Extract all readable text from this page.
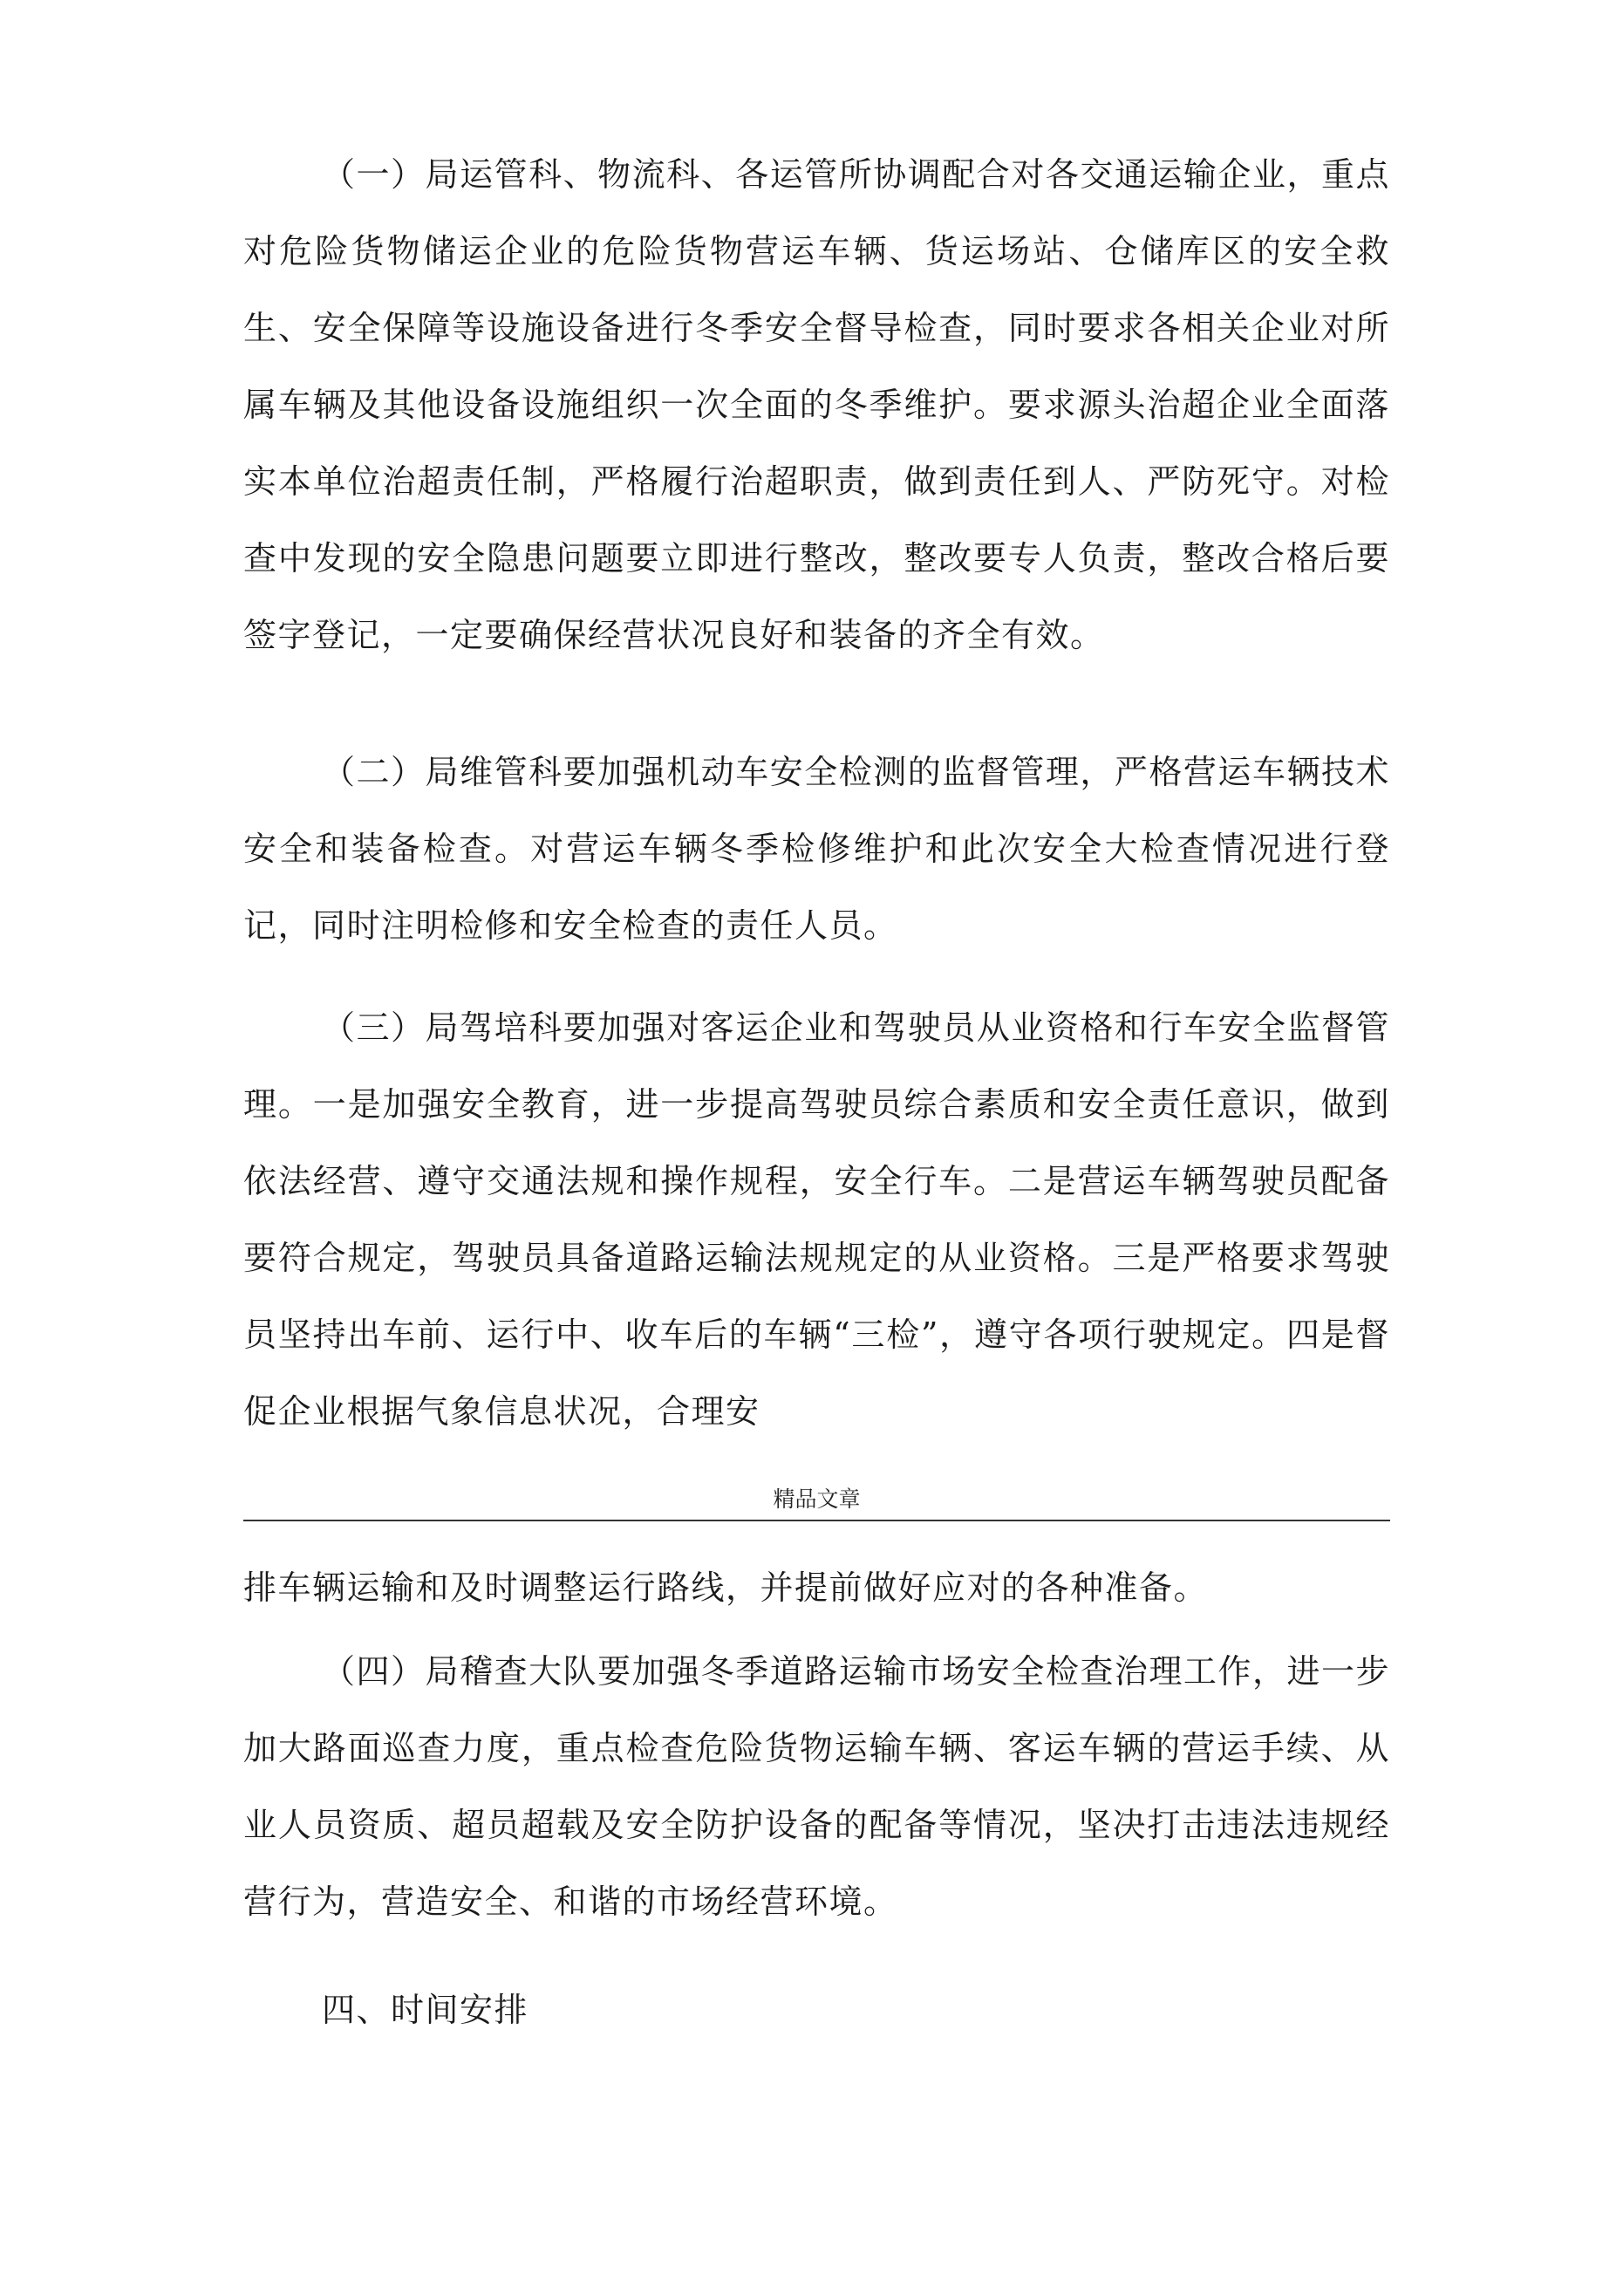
（一）局运管科、物流科、各运管所协调配合对各交通运输企业，重点对危险货物储运企业的危险货物营运车辆、货运场站、仓储库区的安全救生、安全保障等设施设备进行冬季安全督导检查，同时要求各相关企业对所属车辆及其他设备设施组织一次全面的冬季维护。要求源头治超企业全面落实本单位治超责任制，严格履行治超职责，做到责任到人、严防死守。对检查中发现的安全隐患问题要立即进行整改，整改要专人负责，整改合格后要签字登记，一定要确保经营状况良好和装备的齐全有效。

（二）局维管科要加强机动车安全检测的监督管理，严格营运车辆技术安全和装备检查。对营运车辆冬季检修维护和此次安全大检查情况进行登记，同时注明检修和安全检查的责任人员。

（三）局驾培科要加强对客运企业和驾驶员从业资格和行车安全监督管理。一是加强安全教育，进一步提高驾驶员综合素质和安全责任意识，做到依法经营、遵守交通法规和操作规程，安全行车。二是营运车辆驾驶员配备要符合规定，驾驶员具备道路运输法规规定的从业资格。三是严格要求驾驶员坚持出车前、运行中、收车后的车辆“三检”，遵守各项行驶规定。四是督促企业根据气象信息状况，合理安

精品文章

排车辆运输和及时调整运行路线，并提前做好应对的各种准备。

（四）局稽查大队要加强冬季道路运输市场安全检查治理工作，进一步加大路面巡查力度，重点检查危险货物运输车辆、客运车辆的营运手续、从业人员资质、超员超载及安全防护设备的配备等情况，坚决打击违法违规经营行为，营造安全、和谐的市场经营环境。

四、时间安排
